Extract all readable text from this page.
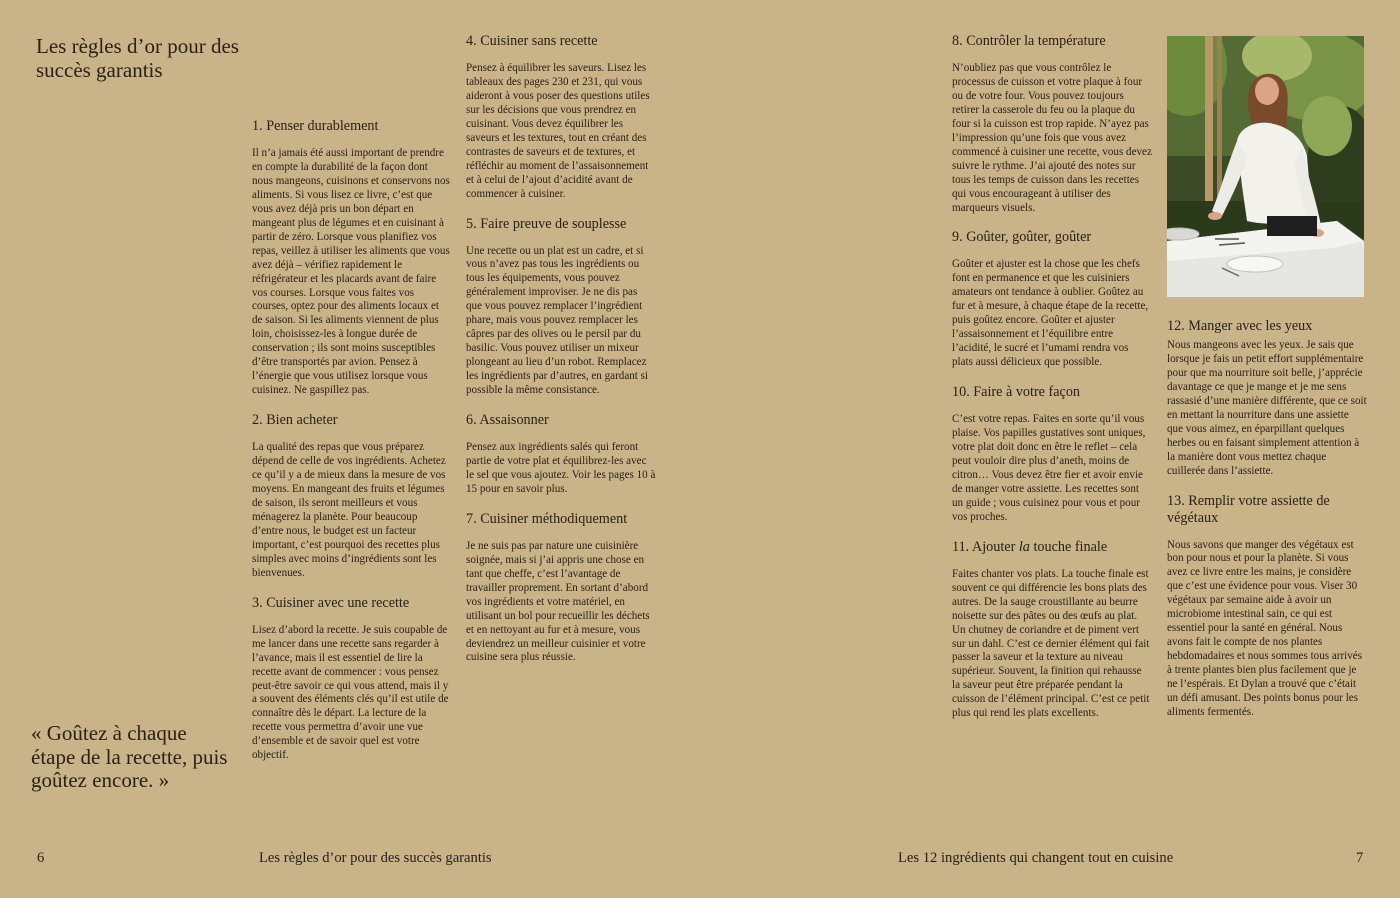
Les règles d’or pour des succès garantis
« Goûtez à chaque étape de la recette, puis goûtez encore. »
1. Penser durablement

Il n’a jamais été aussi important de prendre en compte la durabilité de la façon dont nous mangeons, cuisinons et conservons nos aliments. Si vous lisez ce livre, c’est que vous avez déjà pris un bon départ en mangeant plus de légumes et en cuisinant à partir de zéro. Lorsque vous planifiez vos repas, veillez à utiliser les aliments que vous avez déjà – vérifiez rapidement le réfrigérateur et les placards avant de faire vos courses. Lorsque vous faites vos courses, optez pour des aliments locaux et de saison. Si les aliments viennent de plus loin, choisissez-les à longue durée de conservation ; ils sont moins susceptibles d’être transportés par avion. Pensez à l’énergie que vous utilisez lorsque vous cuisinez. Ne gaspillez pas.

2. Bien acheter

La qualité des repas que vous préparez dépend de celle de vos ingrédients. Achetez ce qu’il y a de mieux dans la mesure de vos moyens. En mangeant des fruits et légumes de saison, ils seront meilleurs et vous ménagerez la planète. Pour beaucoup d’entre nous, le budget est un facteur important, c’est pourquoi des recettes plus simples avec moins d’ingrédients sont les bienvenues.

3. Cuisiner avec une recette

Lisez d’abord la recette. Je suis coupable de me lancer dans une recette sans regarder à l’avance, mais il est essentiel de lire la recette avant de commencer : vous pensez peut-être savoir ce qui vous attend, mais il y a souvent des éléments clés qu’il est utile de connaître dès le départ. La lecture de la recette vous permettra d’avoir une vue d’ensemble et de savoir quel est votre objectif.

4. Cuisiner sans recette

Pensez à équilibrer les saveurs. Lisez les tableaux des pages 230 et 231, qui vous aideront à vous poser des questions utiles sur les décisions que vous prendrez en cuisinant. Vous devez équilibrer les saveurs et les textures, tout en créant des contrastes de saveurs et de textures, et réfléchir au moment de l’assaisonnement et à celui de l’ajout d’acidité avant de commencer à cuisiner.

5. Faire preuve de souplesse

Une recette ou un plat est un cadre, et si vous n’avez pas tous les ingrédients ou tous les équipements, vous pouvez généralement improviser. Je ne dis pas que vous pouvez remplacer l’ingrédient phare, mais vous pouvez remplacer les câpres par des olives ou le persil par du basilic. Vous pouvez utiliser un mixeur plongeant au lieu d’un robot. Remplacez les ingrédients par d’autres, en gardant si possible la même consistance.

6. Assaisonner

Pensez aux ingrédients salés qui feront partie de votre plat et équilibrez-les avec le sel que vous ajoutez. Voir les pages 10 à 15 pour en savoir plus.

7. Cuisiner méthodiquement

Je ne suis pas par nature une cuisinière soignée, mais si j’ai appris une chose en tant que cheffe, c’est l’avantage de travailler proprement. En sortant d’abord vos ingrédients et votre matériel, en utilisant un bol pour recueillir les déchets et en nettoyant au fur et à mesure, vous deviendrez un meilleur cuisinier et votre cuisine sera plus réussie.

8. Contrôler la température

N’oubliez pas que vous contrôlez le processus de cuisson et votre plaque à four ou de votre four. Vous pouvez toujours retirer la casserole du feu ou la plaque du four si la cuisson est trop rapide. N’ayez pas l’impression qu’une fois que vous avez commencé à cuisiner une recette, vous devez suivre le rythme. J’ai ajouté des notes sur tous les temps de cuisson dans les recettes qui vous encourageant à utiliser des marqueurs visuels.

9. Goûter, goûter, goûter

Goûter et ajuster est la chose que les chefs font en permanence et que les cuisiniers amateurs ont tendance à oublier. Goûtez au fur et à mesure, à chaque étape de la recette, puis goûtez encore. Goûter et ajuster l’assaisonnement et l’équilibre entre l’acidité, le sucré et l’umami rendra vos plats aussi délicieux que possible.

10. Faire à votre façon

C’est votre repas. Faites en sorte qu’il vous plaise. Vos papilles gustatives sont uniques, votre plat doit donc en être le reflet – cela peut vouloir dire plus d’aneth, moins de citron… Vous devez être fier et avoir envie de manger votre assiette. Les recettes sont un guide ; vous cuisinez pour vous et pour vos proches.

11. Ajouter la touche finale

Faites chanter vos plats. La touche finale est souvent ce qui différencie les bons plats des autres. De la sauge croustillante au beurre noisette sur des pâtes ou des œufs au plat. Un chutney de coriandre et de piment vert sur un dahl. C’est ce dernier élément qui fait passer la saveur et la texture au niveau supérieur. Souvent, la finition qui rehausse la saveur peut être préparée pendant la cuisson de l’élément principal. C’est ce petit plus qui rend les plats excellents.

12. Manger avec les yeux

Nous mangeons avec les yeux. Je sais que lorsque je fais un petit effort supplémentaire pour que ma nourriture soit belle, j’apprécie davantage ce que je mange et je me sens rassasié d’une manière différente, que ce soit en mettant la nourriture dans une assiette que vous aimez, en éparpillant quelques herbes ou en faisant simplement attention à la manière dont vous mettez chaque cuillerée dans l’assiette.

13. Remplir votre assiette de végétaux

Nous savons que manger des végétaux est bon pour nous et pour la planète. Si vous avez ce livre entre les mains, je considère que c’est une évidence pour vous. Viser 30 végétaux par semaine aide à avoir un microbiome intestinal sain, ce qui est essentiel pour la santé en général. Nous avons fait le compte de nos plantes hebdomadaires et nous sommes tous arrivés à trente plantes bien plus facilement que je ne l’espérais. Et Dylan a trouvé que c’était un défi amusant. Des points bonus pour les aliments fermentés.

6	Les règles d’or pour des succès garantis	Les 12 ingrédients qui changent tout en cuisine	7
